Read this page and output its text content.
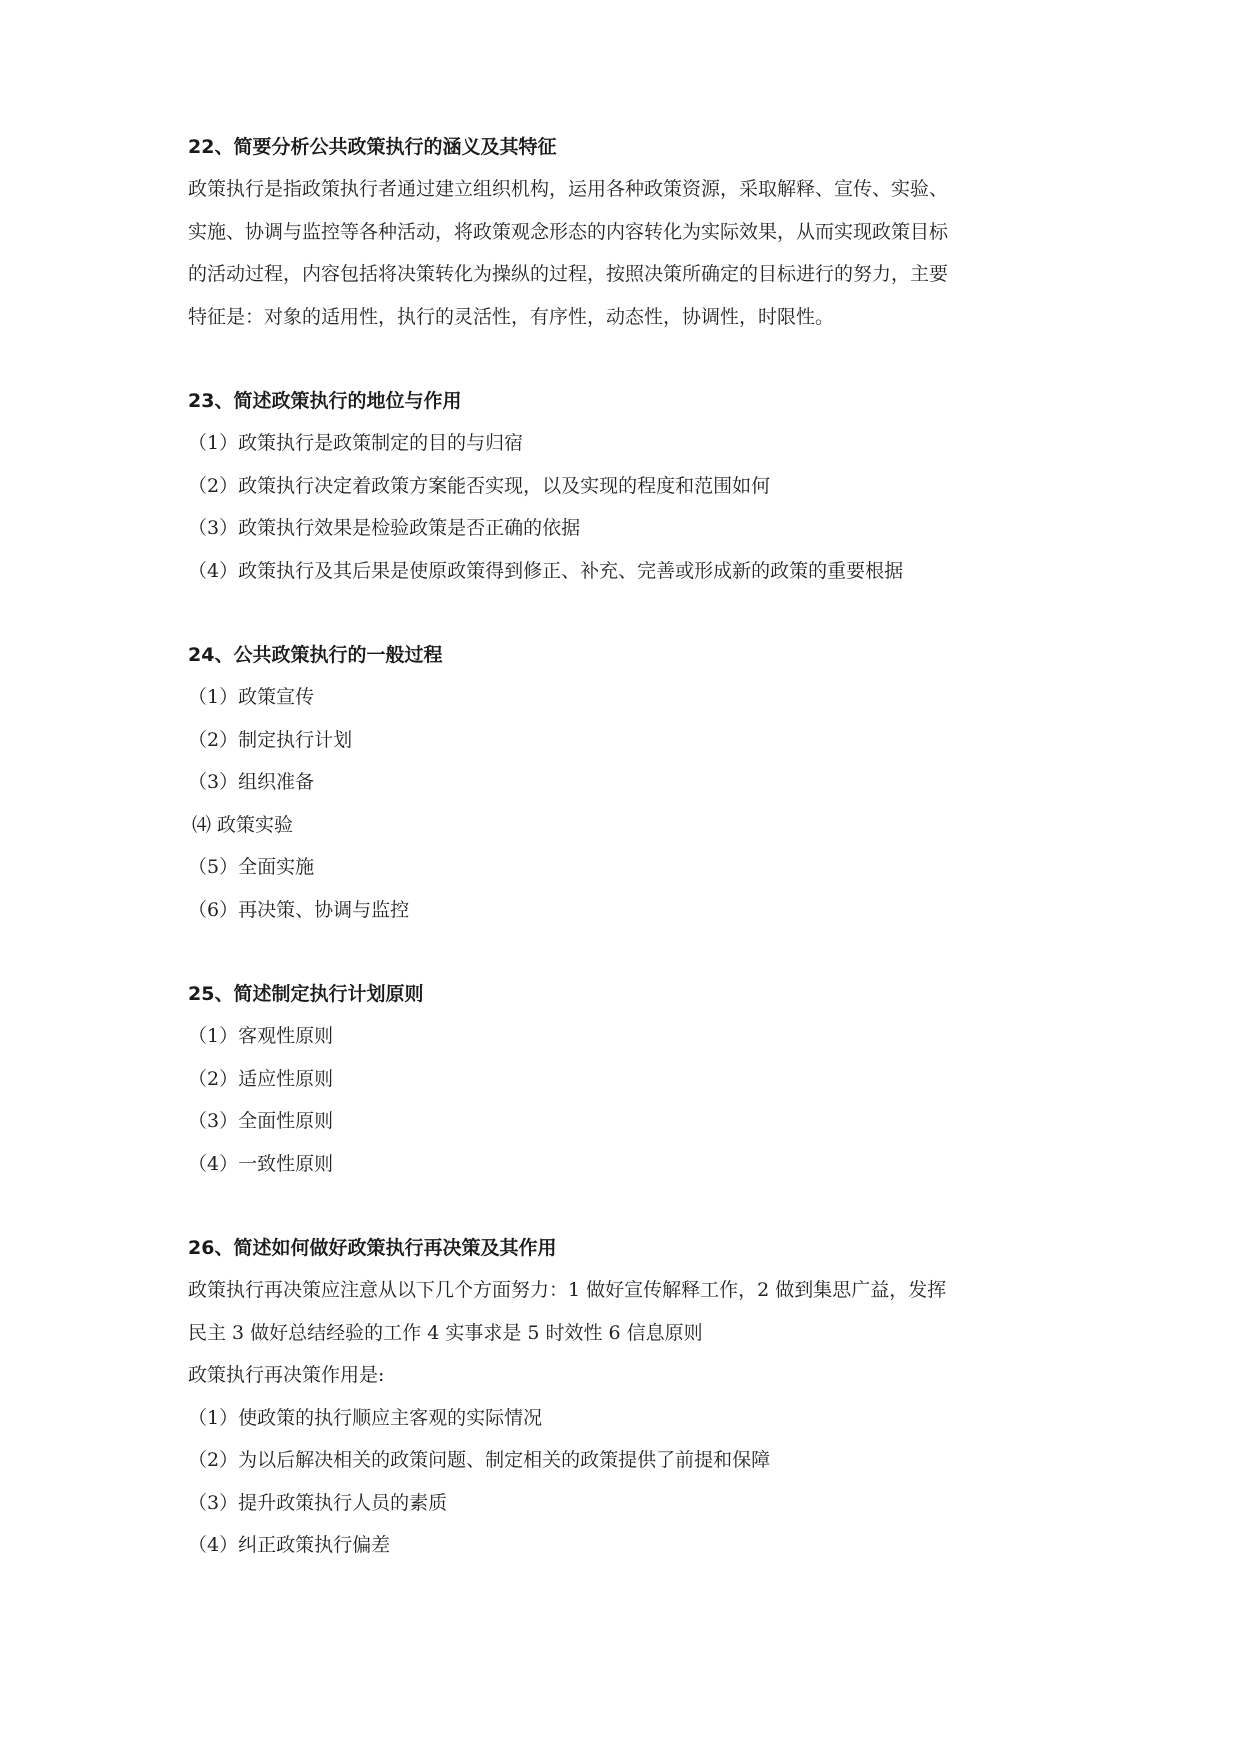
22、简要分析公共政策执行的涵义及其特征

政策执行是指政策执行者通过建立组织机构，运用各种政策资源，采取解释、宣传、实验、

实施、协调与监控等各种活动，将政策观念形态的内容转化为实际效果，从而实现政策目标

的活动过程，内容包括将决策转化为操纵的过程，按照决策所确定的目标进行的努力，主要

特征是：对象的适用性，执行的灵活性，有序性，动态性，协调性，时限性。

23、简述政策执行的地位与作用

（1）政策执行是政策制定的目的与归宿

（2）政策执行决定着政策方案能否实现，以及实现的程度和范围如何

（3）政策执行效果是检验政策是否正确的依据

（4）政策执行及其后果是使原政策得到修正、补充、完善或形成新的政策的重要根据

24、公共政策执行的一般过程

（1）政策宣传

（2）制定执行计划

（3）组织准备

⑷ 政策实验

（5）全面实施

（6）再决策、协调与监控

25、简述制定执行计划原则

（1）客观性原则

（2）适应性原则

（3）全面性原则

（4）一致性原则

26、简述如何做好政策执行再决策及其作用

政策执行再决策应注意从以下几个方面努力：1 做好宣传解释工作，2 做到集思广益，发挥

民主 3 做好总结经验的工作 4 实事求是 5 时效性 6 信息原则

政策执行再决策作用是:

（1）使政策的执行顺应主客观的实际情况

（2）为以后解决相关的政策问题、制定相关的政策提供了前提和保障

（3）提升政策执行人员的素质

（4）纠正政策执行偏差
